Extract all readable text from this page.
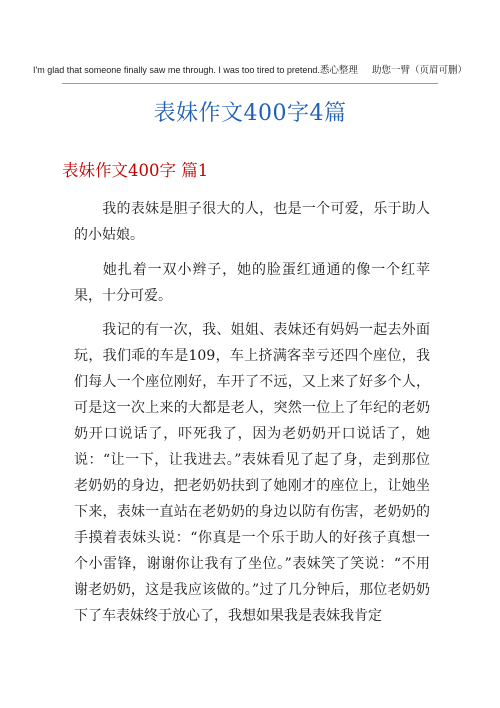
I'm glad that someone finally saw me through. I was too tired to pretend.悉心整理 助您一臂（页眉可删）
表妹作文400字4篇
表妹作文400字 篇1
我的表妹是胆子很大的人，也是一个可爱，乐于助人的小姑娘。
她扎着一双小辫子，她的脸蛋红通通的像一个红苹果，十分可爱。
我记的有一次，我、姐姐、表妹还有妈妈一起去外面玩，我们乖的车是109，车上挤满客幸亏还四个座位，我们每人一个座位刚好，车开了不远，又上来了好多个人，可是这一次上来的大都是老人，突然一位上了年纪的老奶奶开口说话了，吓死我了，因为老奶奶开口说话了，她说：“让一下，让我进去。”表妹看见了起了身，走到那位老奶奶的身边，把老奶奶扶到了她刚才的座位上，让她坐下来，表妹一直站在老奶奶的身边以防有伤害，老奶奶的手摸着表妹头说：“你真是一个乐于助人的好孩子真想一个小雷锋，谢谢你让我有了坐位。”表妹笑了笑说：“不用谢老奶奶，这是我应该做的。”过了几分钟后，那位老奶奶下了车表妹终于放心了，我想如果我是表妹我肯定
